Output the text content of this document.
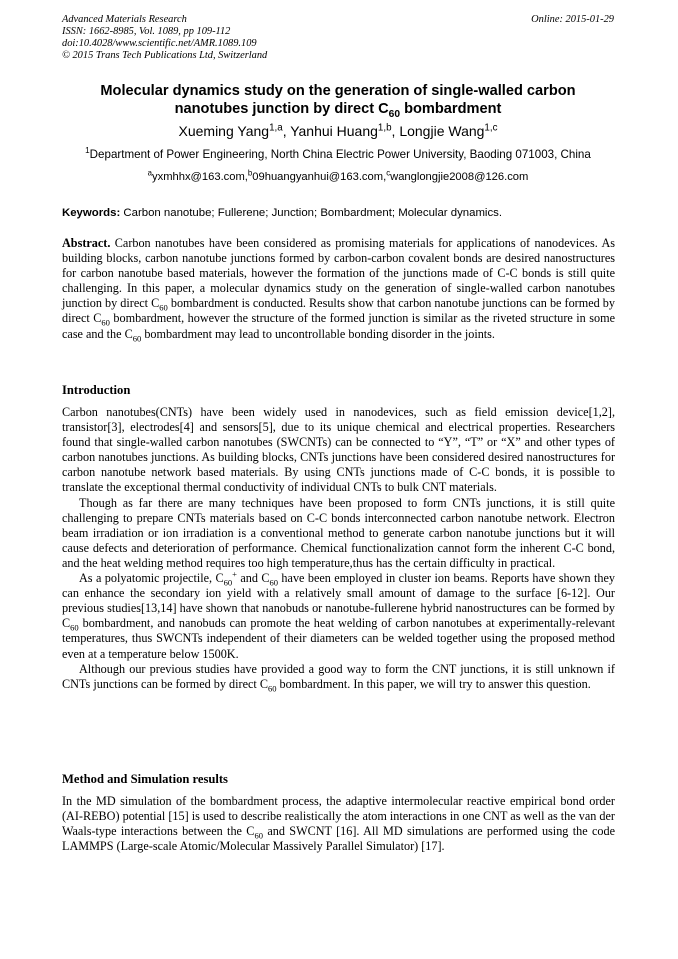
Advanced Materials Research
ISSN: 1662-8985, Vol. 1089, pp 109-112
doi:10.4028/www.scientific.net/AMR.1089.109
© 2015 Trans Tech Publications Ltd, Switzerland
Online: 2015-01-29
Molecular dynamics study on the generation of single-walled carbon
nanotubes junction by direct $C_{60}$ bombardment
Xueming Yang$^{1,a}$, Yanhui Huang$^{1,b}$, Longjie Wang$^{1,c}$
$^1$Department of Power Engineering, North China Electric Power University, Baoding 071003, China
$^a$yxmhhx@163.com,$^b$09huangyanhui@163.com,$^c$wanglongjie2008@126.com
Keywords: Carbon nanotube; Fullerene; Junction; Bombardment; Molecular dynamics.

Abstract. Carbon nanotubes have been considered as promising materials for applications of nanodevices. As building blocks, carbon nanotube junctions formed by carbon-carbon covalent bonds are desired nanostructures for carbon nanotube based materials, however the formation of the junctions made of C-C bonds is still quite challenging. In this paper, a molecular dynamics study on the generation of single-walled carbon nanotubes junction by direct $C_{60}$ bombardment is conducted. Results show that carbon nanotube junctions can be formed by direct $C_{60}$ bombardment, however the structure of the formed junction is similar as the riveted structure in some case and the $C_{60}$ bombardment may lead to uncontrollable bonding disorder in the joints.

Introduction

Carbon nanotubes(CNTs) have been widely used in nanodevices, such as field emission device[1,2], transistor[3], electrodes[4] and sensors[5], due to its unique chemical and electrical properties. Researchers found that single-walled carbon nanotubes (SWCNTs) can be connected to “Y”, “T” or “X” and other types of carbon nanotubes junctions. As building blocks, CNTs junctions have been considered desired nanostructures for carbon nanotube network based materials. By using CNTs junctions made of C-C bonds, it is possible to translate the exceptional thermal conductivity of individual CNTs to bulk CNT materials.

Though as far there are many techniques have been proposed to form CNTs junctions, it is still quite challenging to prepare CNTs materials based on C-C bonds interconnected carbon nanotube network. Electron beam irradiation or ion irradiation is a conventional method to generate carbon nanotube junctions but it will cause defects and deterioration of performance. Chemical functionalization cannot form the inherent C-C bond, and the heat welding method requires too high temperature,thus has the certain difficulty in practical.

As a polyatomic projectile, $C_{60}^+$ and $C_{60}$ have been employed in cluster ion beams. Reports have shown they can enhance the secondary ion yield with a relatively small amount of damage to the surface [6-12]. Our previous studies[13,14] have shown that nanobuds or nanotube-fullerene hybrid nanostructures can be formed by $C_{60}$ bombardment, and nanobuds can promote the heat welding of carbon nanotubes at experimentally-relevant temperatures, thus SWCNTs independent of their diameters can be welded together using the proposed method even at a temperature below 1500K.

Although our previous studies have provided a good way to form the CNT junctions, it is still unknown if CNTs junctions can be formed by direct $C_{60}$ bombardment. In this paper, we will try to answer this question.

Method and Simulation results

In the MD simulation of the bombardment process, the adaptive intermolecular reactive empirical bond order (AI-REBO) potential [15] is used to describe realistically the atom interactions in one CNT as well as the van der Waals-type interactions between the $C_{60}$ and SWCNT [16]. All MD simulations are performed using the code LAMMPS (Large-scale Atomic/Molecular Massively Parallel Simulator) [17].
